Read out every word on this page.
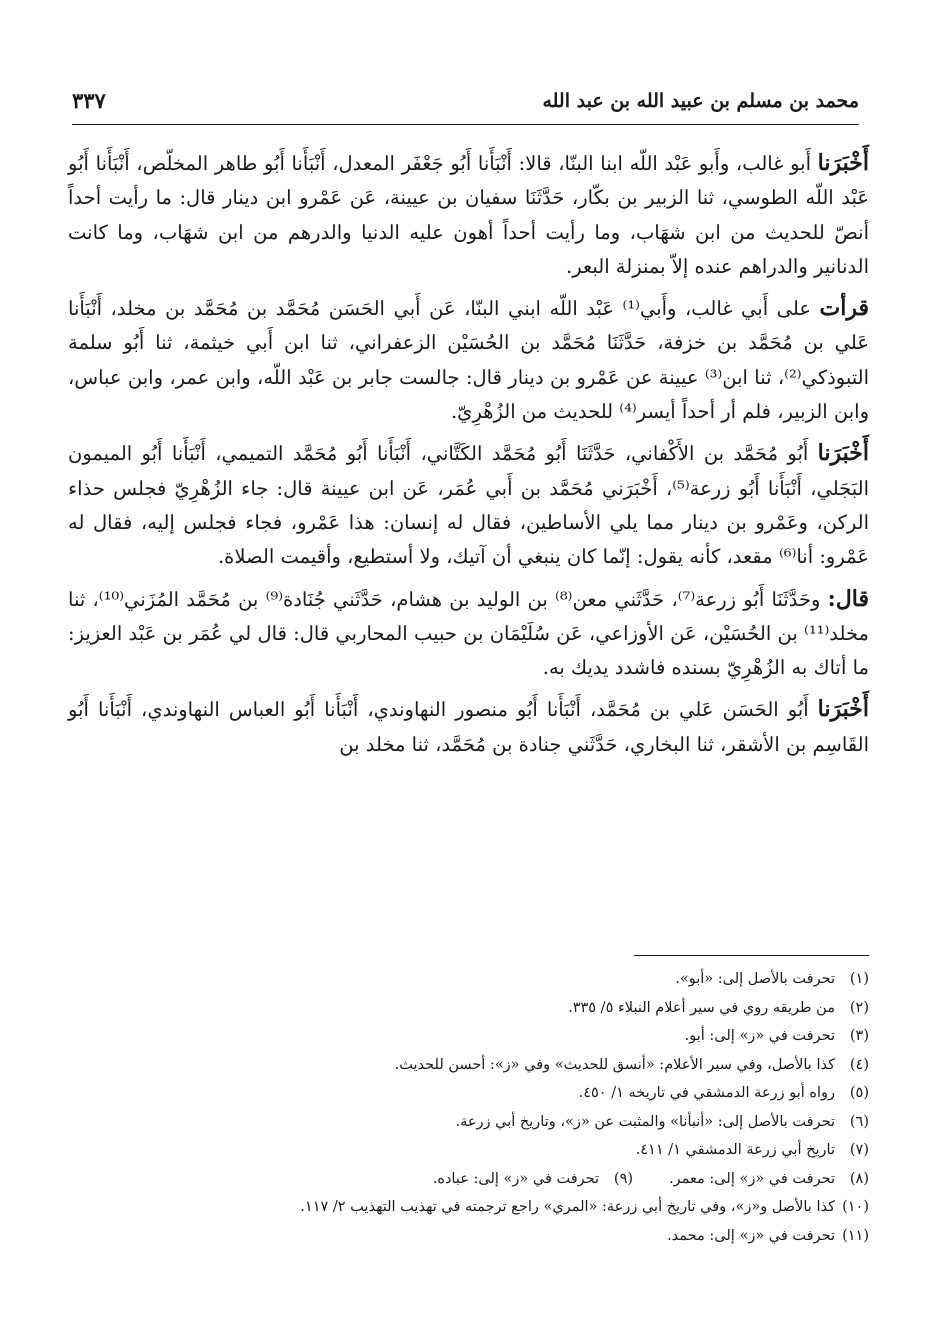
محمد بن مسلم بن عبيد الله بن عبد الله
٣٣٧

أَخْبَرَنا أَبو غالب، وأَبو عَبْد اللّه ابنا البنّا، قالا: أَنْبَأَنا أَبُو جَعْفَر المعدل، أَنْبَأَنا أَبُو طاهر المخلّص، أَنْبَأَنا أَبُو عَبْد اللّه الطوسي، ثنا الزبير بن بكّار، حَدَّثَنَا سفيان بن عيينة، عَن عَمْرو ابن دينار قال: ما رأيت أحداً أنصّ للحديث من ابن شهَاب، وما رأيت أحداً أهون عليه الدنيا والدرهم من ابن شهَاب، وما كانت الدنانير والدراهم عنده إلاّ بمنزلة البعر.

قرأت على أَبي غالب، وأَبي⁽¹⁾ عَبْد اللّه ابني البنّا، عَن أَبي الحَسَن مُحَمَّد بن مُحَمَّد بن مخلد، أَنْبَأَنا عَلي بن مُحَمَّد بن خزفة، حَدَّثَنَا مُحَمَّد بن الحُسَيْن الزعفراني، ثنا ابن أَبي خيثمة، ثنا أَبُو سلمة التبوذكي⁽²⁾، ثنا ابن⁽³⁾ عيينة عن عَمْرو بن دينار قال: جالست جابر بن عَبْد اللّه، وابن عمر، وابن عباس، وابن الزبير، فلم أر أحداً أيسر⁽⁴⁾ للحديث من الزُهْرِيّ.

أَخْبَرَنا أَبُو مُحَمَّد بن الأَكْفاني، حَدَّثَنَا أَبُو مُحَمَّد الكَتَّاني، أَنْبَأَنا أَبُو مُحَمَّد التميمي، أَنْبَأَنا أَبُو الميمون البَجَلي، أَنْبَأَنا أَبُو زرعة⁽⁵⁾، أَخْبَرَني مُحَمَّد بن أَبي عُمَر، عَن ابن عيينة قال: جاء الزُهْرِيّ فجلس حذاء الركن، وعَمْرو بن دينار مما يلي الأساطين، فقال له إنسان: هذا عَمْرو، فجاء فجلس إليه، فقال له عَمْرو: أنا⁽⁶⁾ مقعد، كأنه يقول: إنّما كان ينبغي أن آتيك، ولا أستطيع، وأقيمت الصلاة.

قال: وحَدَّثَنَا أَبُو زرعة⁽⁷⁾، حَدَّثَني معن⁽⁸⁾ بن الوليد بن هشام، حَدَّثَني جُنَادة⁽⁹⁾ بن مُحَمَّد المُزَني⁽¹⁰⁾، ثنا مخلد⁽¹¹⁾ بن الحُسَيْن، عَن الأوزاعي، عَن سُلَيْمَان بن حبيب المحاربي قال: قال لي عُمَر بن عَبْد العزيز: ما أتاك به الزُهْرِيّ بسنده فاشدد يديك به.

أَخْبَرَنا أَبُو الحَسَن عَلي بن مُحَمَّد، أَنْبَأَنا أَبُو منصور النهاوندي، أَنْبَأَنا أَبُو العباس النهاوندي، أَنْبَأَنا أَبُو القَاسِم بن الأشقر، ثنا البخاري، حَدَّثَني جنادة بن مُحَمَّد، ثنا مخلد بن

(١)تحرفت بالأصل إلى: «أبو».
(٢)من طريقه روي في سير أعلام النبلاء ٥/ ٣٣٥.
(٣)تحرفت في «ز» إلى: أبو.
(٤)كذا بالأصل، وفي سير الأعلام: «أنسق للحديث» وفي «ز»: أحسن للحديث.
(٥)رواه أبو زرعة الدمشقي في تاريخه ١/ ٤٥٠.
(٦)تحرفت بالأصل إلى: «أنبأنا» والمثبت عن «ز»، وتاريخ أبي زرعة.
(٧)تاريخ أبي زرعة الدمشقي ١/ ٤١١.
(٨)تحرفت في «ز» إلى: معمر.
(٩)تحرفت في «ز» إلى: عباده.
(١٠)كذا بالأصل و«ز»، وفي تاريخ أبي زرعة: «المري» راجع ترجمته في تهذيب التهذيب ٢/ ١١٧.
(١١)تحرفت في «ز» إلى: محمد.
